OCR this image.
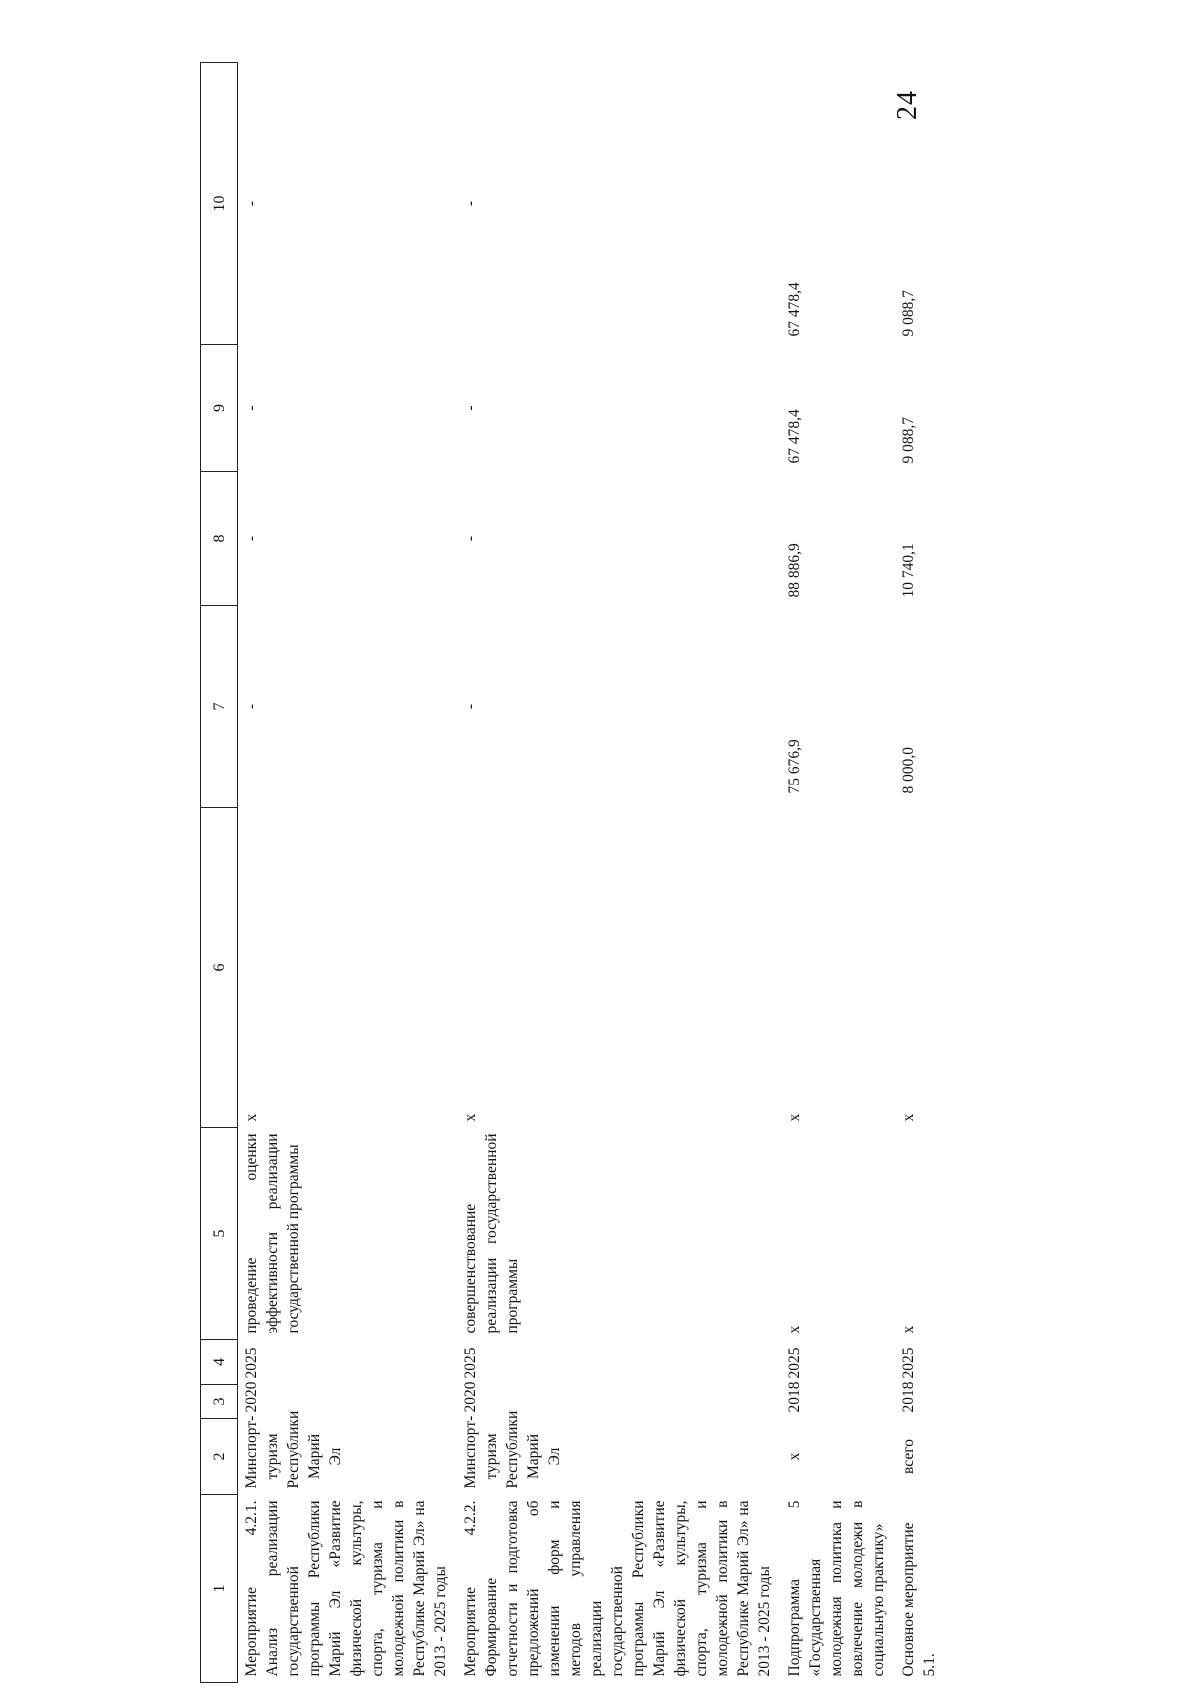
24
1	2	3	4	5	6	7	8	9	10
Мероприятие 4.2.1. Анализ реализации государственной программы Республики Марий Эл «Развитие физической культуры, спорта, туризма и молодежной политики в Республике Марий Эл» на 2013 - 2025 годы	Минспорт-туризм Республики Марий Эл	2020	2025	проведение оценки эффективности реализации государственной программы	х	-	-	-	-
Мероприятие 4.2.2. Формирование отчетности и подготовка предложений об изменении форм и методов управления реализации государственной программы Республики Марий Эл «Развитие физической культуры, спорта, туризма и молодежной политики в Республике Марий Эл» на 2013 - 2025 годы	Минспорт-туризм Республики Марий Эл	2020	2025	совершенствование реализации государственной программы	х	-	-	-	-
Подпрограмма 5 «Государственная молодежная политика и вовлечение молодежи в социальную практику»	х	2018	2025	х	х	75 676,9	88 886,9	67 478,4	67 478,4
Основное мероприятие 5.1.	всего	2018	2025	х	х	8 000,0	10 740,1	9 088,7	9 088,7
